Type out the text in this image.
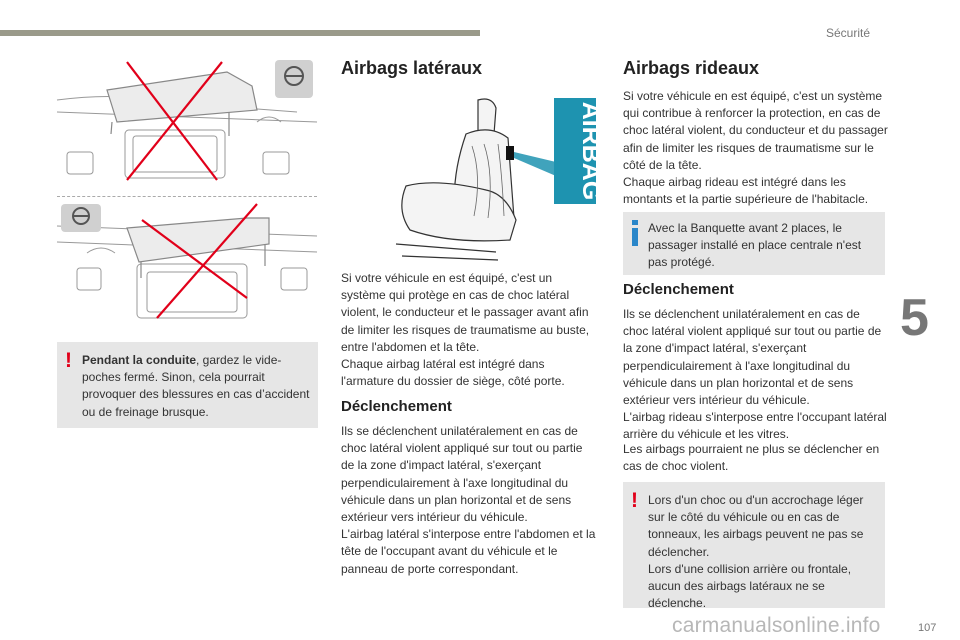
Sécurité
5
107
carmanualsonline.info
! Pendant la conduite, gardez le vide-poches fermé. Sinon, cela pourrait provoquer des blessures en cas d’accident ou de freinage brusque.
Airbags latéraux
AIRBAG

Si votre véhicule en est équipé, c'est un système qui protège en cas de choc latéral violent, le conducteur et le passager avant afin de limiter les risques de traumatisme au buste, entre l'abdomen et la tête.
Chaque airbag latéral est intégré dans l'armature du dossier de siège, côté porte.

Déclenchement

Ils se déclenchent unilatéralement en cas de choc latéral violent appliqué sur tout ou partie de la zone d'impact latéral, s'exerçant perpendiculairement à l'axe longitudinal du véhicule dans un plan horizontal et de sens extérieur vers intérieur du véhicule.
L'airbag latéral s'interpose entre l'abdomen et la tête de l'occupant avant du véhicule et le panneau de porte correspondant.

Airbags rideaux

Si votre véhicule en est équipé, c'est un système qui contribue à renforcer la protection, en cas de choc latéral violent, du conducteur et du passager afin de limiter les risques de traumatisme sur le côté de la tête.
Chaque airbag rideau est intégré dans les montants et la partie supérieure de l'habitacle.

Avec la Banquette avant 2 places, le passager installé en place centrale n'est pas protégé.
Déclenchement

Ils se déclenchent unilatéralement en cas de choc latéral violent appliqué sur tout ou partie de la zone d'impact latéral, s'exerçant perpendiculairement à l'axe longitudinal du véhicule dans un plan horizontal et de sens extérieur vers intérieur du véhicule.
L'airbag rideau s'interpose entre l'occupant latéral arrière du véhicule et les vitres.

Les airbags pourraient ne plus se déclencher en cas de choc violent.

! Lors d'un choc ou d'un accrochage léger sur le côté du véhicule ou en cas de tonneaux, les airbags peuvent ne pas se déclencher.
Lors d'une collision arrière ou frontale, aucun des airbags latéraux ne se déclenche.
